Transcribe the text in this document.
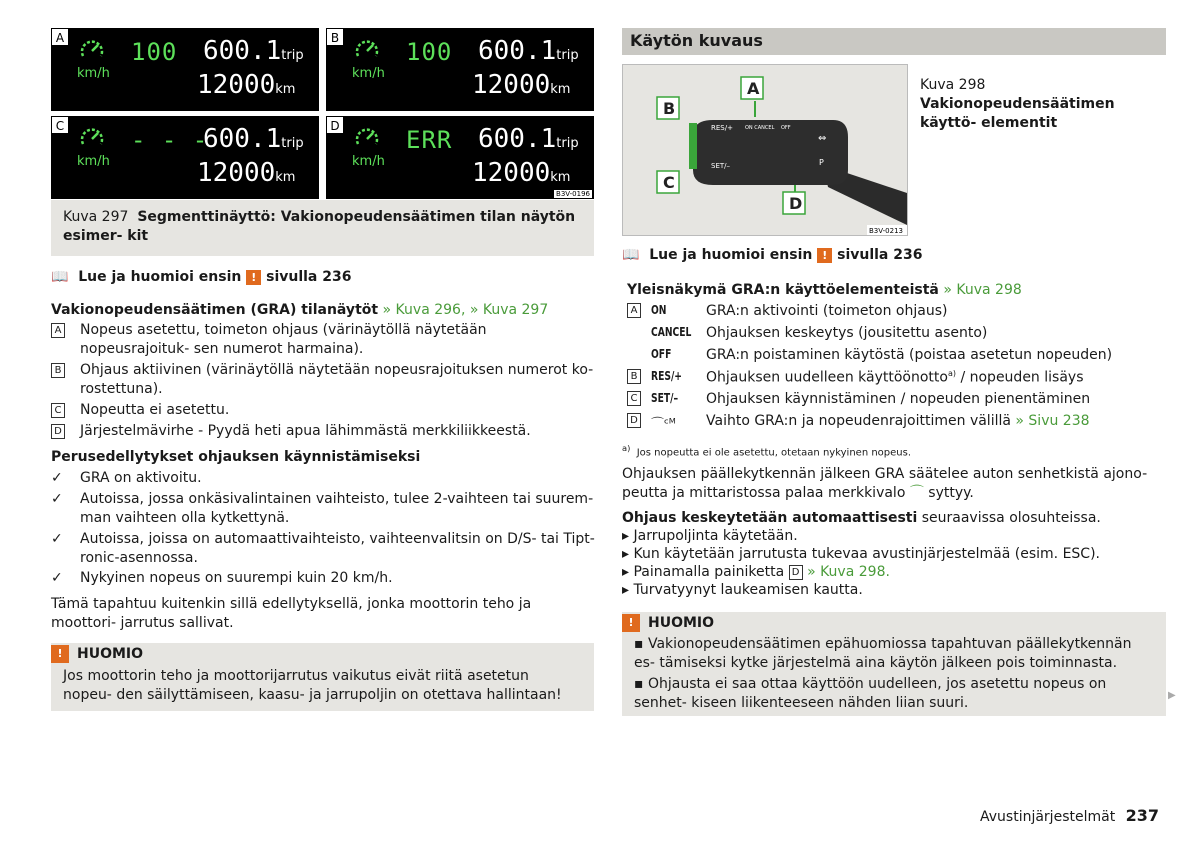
A
km/h
100 600.1trip
12000km
B
km/h
100 600.1trip
12000km
C
km/h
- - -
600.1trip
12000km
D
km/h
ERR 600.1trip
12000km
B3V-0196
Kuva 297 Segmenttinäyttö: Vakionopeudensäätimen tilan näytön esimer- kit
📖 Lue ja huomioi ensin ! sivulla 236
Vakionopeudensäätimen (GRA) tilanäytöt » Kuva 296, » Kuva 297
A Nopeus asetettu, toimeton ohjaus (värinäytöllä näytetään nopeusrajoituk- sen numerot harmaina).
B Ohjaus aktiivinen (värinäytöllä näytetään nopeusrajoituksen numerot ko- rostettuna).
C Nopeutta ei asetettu.
D Järjestelmävirhe - Pyydä heti apua lähimmästä merkkiliikkeestä.
Perusedellytykset ohjauksen käynnistämiseksi
✓ GRA on aktivoitu.
✓ Autoissa, jossa onkäsivalintainen vaihteisto, tulee 2-vaihteen tai suurem- man vaihteen olla kytkettynä.
✓ Autoissa, joissa on automaattivaihteisto, vaihteenvalitsin on D/S- tai Tipt- ronic-asennossa.
✓ Nykyinen nopeus on suurempi kuin 20 km/h.
Tämä tapahtuu kuitenkin sillä edellytyksellä, jonka moottorin teho ja moottori- jarrutus sallivat.
!	HUOMIO
Jos moottorin teho ja moottorijarrutus vaikutus eivät riitä asetetun nopeu- den säilyttämiseen, kaasu- ja jarrupoljin on otettava hallintaan!
Käytön kuvaus
RES/+ ON CANCEL OFF
SET/–
⇔
P
A
B
C
D
B3V-0213
Kuva 298
Vakionopeudensäätimen käyttö- elementit
📖 Lue ja huomioi ensin ! sivulla 236
Yleisnäkymä GRA:n käyttöelementeistä » Kuva 298
A ON	GRA:n aktivointi (toimeton ohjaus)
CANCEL Ohjauksen keskeytys (jousitettu asento)
OFF GRA:n poistaminen käytöstä (poistaa asetetun nopeuden)
B RES/+ Ohjauksen uudelleen käyttöönotto$^{a)}$ / nopeuden lisäys
C SET/– Ohjauksen käynnistäminen / nopeuden pienentäminen
D ⌒ᶜᴹ Vaihto GRA:n ja nopeudenrajoittimen välillä » Sivu 238
$^{a)}$ Jos nopeutta ei ole asetettu, otetaan nykyinen nopeus.
Ohjauksen päällekytkennän jälkeen GRA säätelee auton senhetkistä ajono- peutta ja mittaristossa palaa merkkivalo ⌒ syttyy.
Ohjaus keskeytetään automaattisesti seuraavissa olosuhteissa.
▸ Jarrupoljinta käytetään.
▸ Kun käytetään jarrutusta tukevaa avustinjärjestelmää (esim. ESC).
▸ Painamalla painiketta D » Kuva 298.
▸ Turvatyynyt laukeamisen kautta.
!	HUOMIO
▪ Vakionopeudensäätimen epähuomiossa tapahtuvan päällekytkennän es- tämiseksi kytke järjestelmä aina käytön jälkeen pois toiminnasta.
▪ Ohjausta ei saa ottaa käyttöön uudelleen, jos asetettu nopeus on senhet- kiseen liikenteeseen nähden liian suuri.	▶
Avustinjärjestelmät 237
